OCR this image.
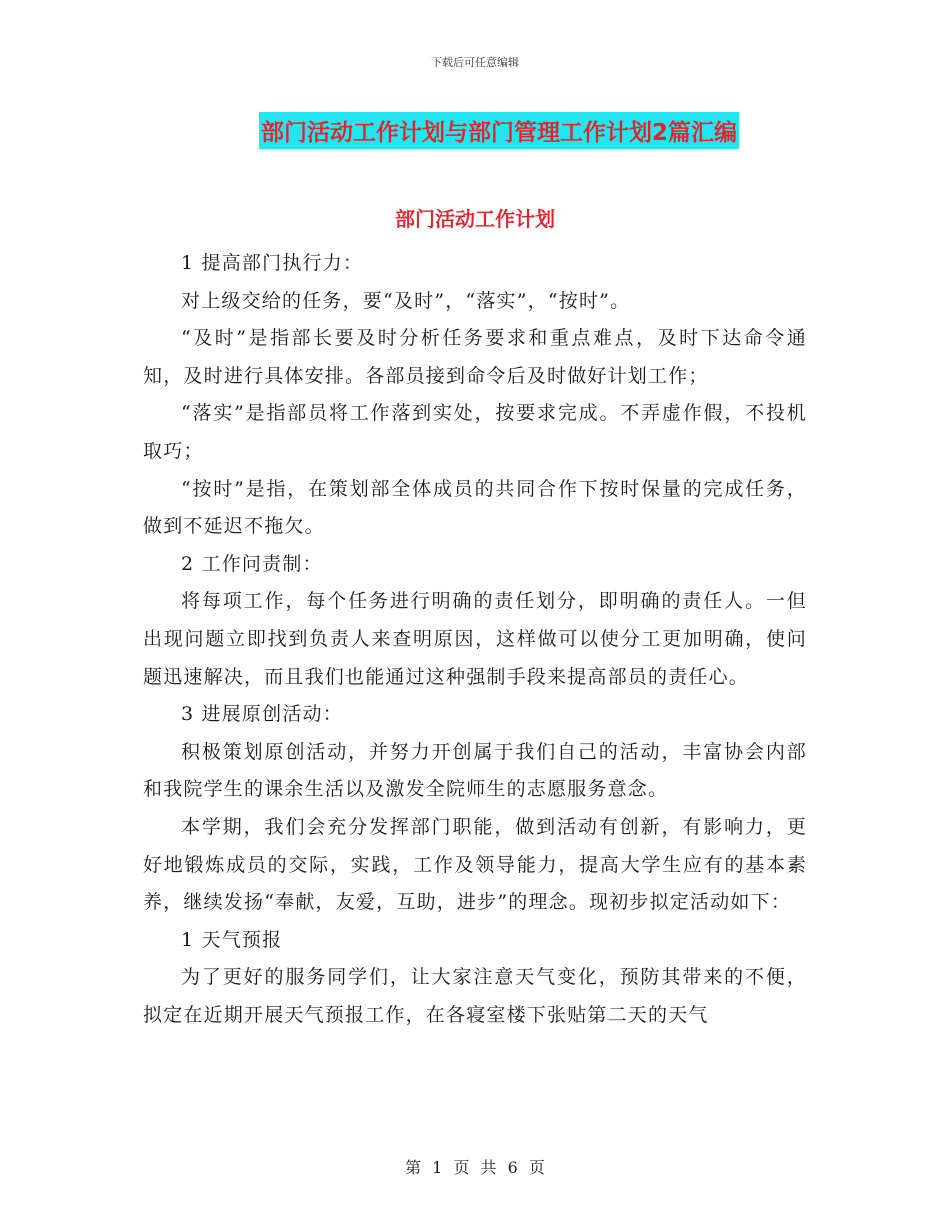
下载后可任意编辑
部门活动工作计划与部门管理工作计划2篇汇编
部门活动工作计划

1 提高部门执行力：

对上级交给的任务，要“及时”，“落实”，“按时”。

“及时”是指部长要及时分析任务要求和重点难点，及时下达命令通知，及时进行具体安排。各部员接到命令后及时做好计划工作；

“落实”是指部员将工作落到实处，按要求完成。不弄虚作假，不投机取巧；

“按时”是指，在策划部全体成员的共同合作下按时保量的完成任务，做到不延迟不拖欠。

2 工作问责制：

将每项工作，每个任务进行明确的责任划分，即明确的责任人。一但出现问题立即找到负责人来查明原因，这样做可以使分工更加明确，使问题迅速解决，而且我们也能通过这种强制手段来提高部员的责任心。

3 进展原创活动：

积极策划原创活动，并努力开创属于我们自己的活动，丰富协会内部和我院学生的课余生活以及激发全院师生的志愿服务意念。

本学期，我们会充分发挥部门职能，做到活动有创新，有影响力，更好地锻炼成员的交际，实践，工作及领导能力，提高大学生应有的基本素养，继续发扬“奉献，友爱，互助，进步”的理念。现初步拟定活动如下：

1 天气预报

为了更好的服务同学们，让大家注意天气变化，预防其带来的不便，拟定在近期开展天气预报工作，在各寝室楼下张贴第二天的天气

第 1 页 共 6 页
